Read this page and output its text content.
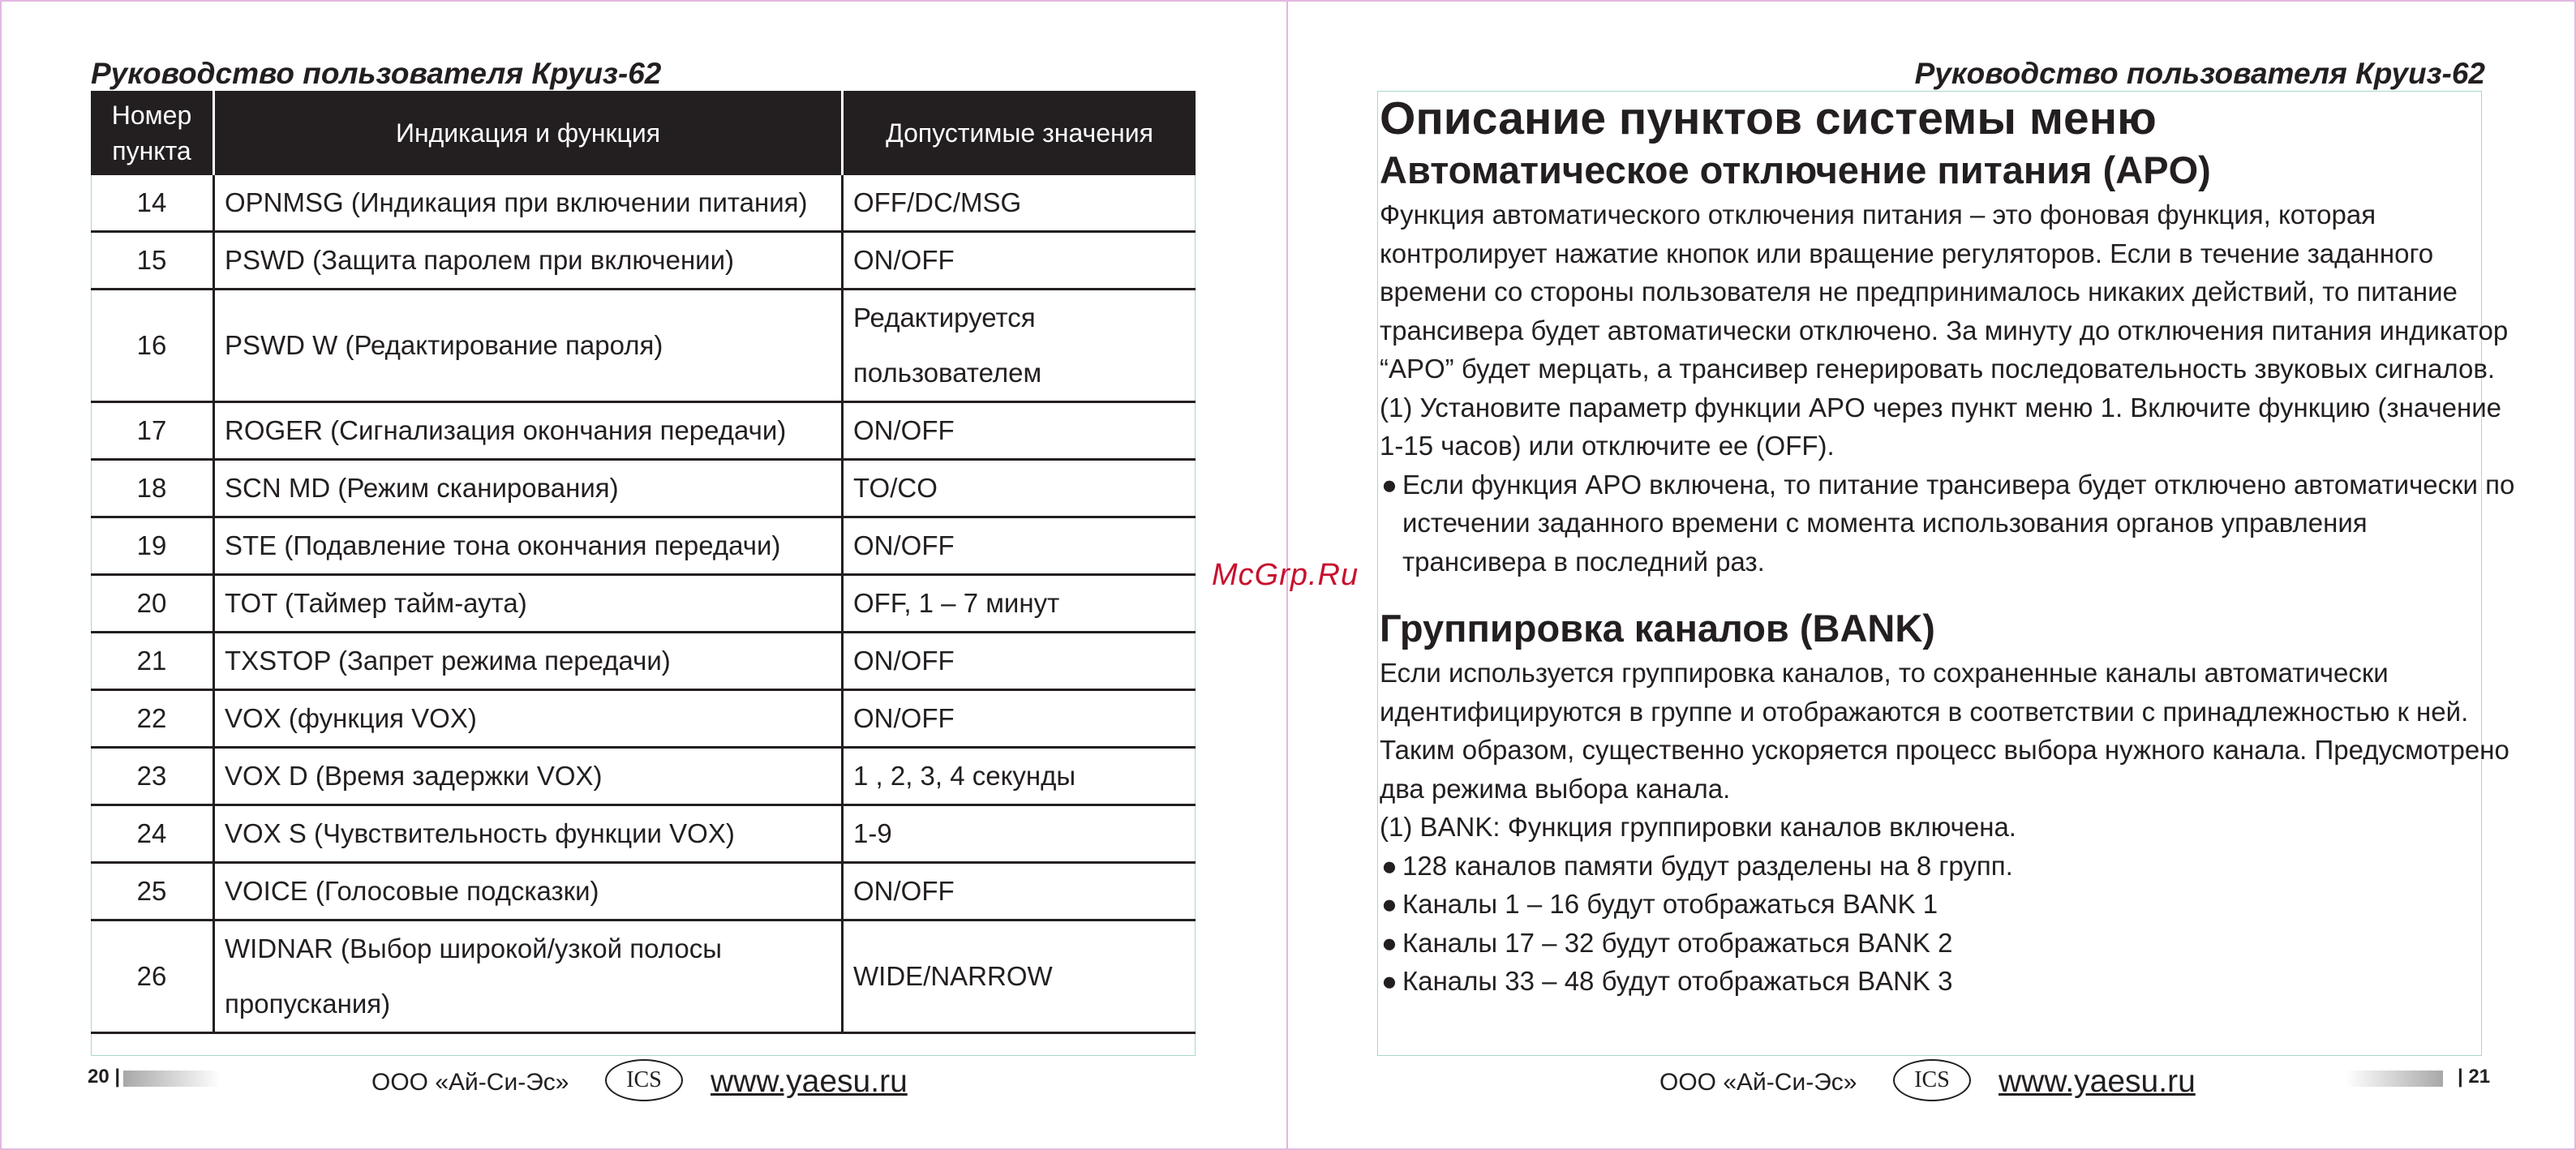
Руководство пользователя Круиз-62	Руководство пользователя Круиз-62
Номер пункта	Индикация и функция	Допустимые значения
14	OPNMSG (Индикация при включении питания)	OFF/DC/MSG
15	PSWD (Защита паролем при включении)	ON/OFF
16	PSWD W (Редактирование пароля)	Редактируется пользователем
17	ROGER (Сигнализация окончания передачи)	ON/OFF
18	SCN MD (Режим сканирования)	TO/CO
19	STE (Подавление тона окончания передачи)	ON/OFF
20	TOT (Таймер тайм-аута)	OFF, 1 – 7 минут
21	TXSTOP (Запрет режима передачи)	ON/OFF
22	VOX (функция VOX)	ON/OFF
23	VOX D (Время задержки VOX)	1 , 2, 3, 4 секунды
24	VOX S (Чувствительность функции VOX)	1-9
25	VOICE (Голосовые подсказки)	ON/OFF
26	WIDNAR (Выбор широкой/узкой полосы пропускания)	WIDE/NARROW
Описание пунктов системы меню
Автоматическое отключение питания (APO)

Функция автоматического отключения питания – это фоновая функция, которая контролирует нажатие кнопок или вращение регуляторов. Если в течение заданного времени со стороны пользователя не предпринималось никаких действий, то питание трансивера будет автоматически отключено. За минуту до отключения питания индикатор “APO” будет мерцать, а трансивер генерировать последовательность звуковых сигналов.

(1) Установите параметр функции APO через пункт меню 1. Включите функцию (значение 1-15 часов) или отключите ее (OFF).

● Если функция APO включена, то питание трансивера будет отключено автоматически по истечении заданного времени с момента использования органов управления трансивера в последний раз.
Группировка каналов (BANK)

Если используется группировка каналов, то сохраненные каналы автоматически идентифицируются в группе и отображаются в соответствии с принадлежностью к ней. Таким образом, существенно ускоряется процесс выбора нужного канала. Предусмотрено два режима выбора канала.

(1) BANK: Функция группировки каналов включена.

● 128 каналов памяти будут разделены на 8 групп.
● Каналы 1 – 16 будут отображаться BANK 1
● Каналы 17 – 32 будут отображаться BANK 2
● Каналы 33 – 48 будут отображаться BANK 3
McGrp.Ru
20 |	ООО «Ай-Си-Эс»	ICS	www.yaesu.ru	ООО «Ай-Си-Эс»	ICS	www.yaesu.ru	| 21
